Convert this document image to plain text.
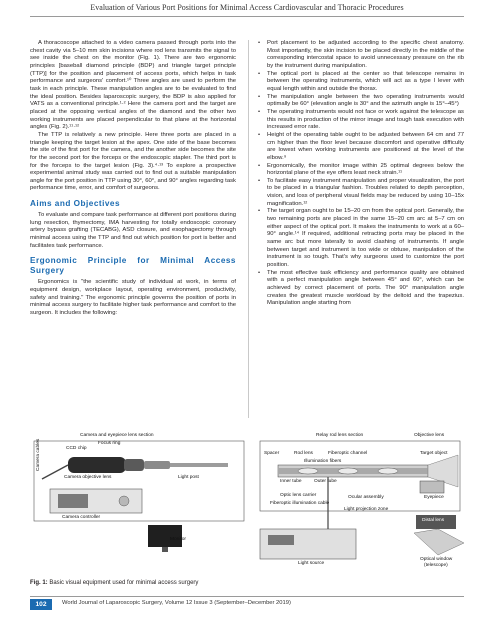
Evaluation of Various Port Positions for Minimal Access Cardiovascular and Thoracic Procedures

A thoracoscope attached to a video camera passed through ports into the chest cavity via 5–10 mm skin incisions where rod lens transmits the signal to see inside the chest on the monitor (Fig. 1). There are two ergonomic principles [baseball diamond principle (BDP) and triangle target principle (TTP)] for the position and placement of access ports, which helps in task performance and surgeons' comfort.¹⁰ Three angles are used to perform the task in each principle. These manipulation angles are to be evaluated to find the ideal position. Besides laparoscopic surgery, the BDP is also applied for VATS as a conventional principle.¹·² Here the camera port and the target are placed at the opposing vertical angles of the diamond and the other two working instruments are placed perpendicular to that plane at the horizontal angles (Fig. 2).¹¹·¹²

The TTP is relatively a new principle. Here three ports are placed in a triangle keeping the target lesion at the apex. One side of the base becomes the site of the first port for the camera, and the another side becomes the site for the second port for the forceps or the endoscopic stapler. The third port is for the forceps to the target lesion (Fig. 3).⁴·¹³ To explore a prospective experimental animal study was carried out to find out a suitable manipulation angle for the port position in TTP using 30°, 60°, and 90° angles regarding task performance time, error, and comfort of surgeons.

Aims and Objectives

To evaluate and compare task performance at different port positions during lung resection, thymectomy, IMA harvesting for totally endoscopic coronary artery bypass grafting (TECABG), ASD closure, and esophagectomy through minimal access using the TTP and find out which position for port is better and facilitates task performance.

Ergonomic Principle for Minimal Access Surgery

Ergonomics is "the scientific study of individual at work, in terms of equipment design, workplace layout, operating environment, productivity, safety and training." The ergonomic principle governs the position of ports in minimal access surgery to facilitate higher task performance and comfort to the surgeon. It includes the following:

• Port placement to be adjusted according to the specific chest anatomy. Most importantly, the skin incision to be placed directly in the middle of the corresponding intercostal space to avoid unnecessary pressure on the rib by the instrument during manipulation.
• The optical port is placed at the center so that telescope remains in between the operating instruments, which will act as a type I lever with equal length within and outside the thorax.
• The manipulation angle between the two operating instruments would optimally be 60° (elevation angle is 30° and the azimuth angle is 15°–45°)
• The operating instruments would not face or work against the telescope as this results in production of the mirror image and tough task execution with increased error rate.
• Height of the operating table ought to be adjusted between 64 cm and 77 cm higher than the floor level because discomfort and operative difficulty are lowest when working instruments are positioned at the level of the elbow.⁹
• Ergonomically, the monitor image within 25 optimal degrees below the horizontal plane of the eye offers least neck strain.¹¹
• To facilitate easy instrument manipulation and proper visualization, the port to be placed in a triangular fashion. Troubles related to depth perception, vision, and loss of peripheral visual fields may be reduced by using 10–15x magnification.¹²
• The target organ ought to be 15–20 cm from the optical port. Generally, the two remaining ports are placed in the same 15–20 cm arc at 5–7 cm on either aspect of the optical port. It makes the instruments to work at a 60–90° angle.¹⁴ If required, additional retracting ports may be placed in the same arc but more laterally to avoid clashing of instruments. If angle between target and instrument is too wide or obtuse, manipulation of the instrument is so tough. That's why surgeons used to customize the port position.
• The most effective task efficiency and performance quality are obtained with a perfect manipulation angle between 45° and 60°, which can be achieved by correct placement of ports. The 90° manipulation angle creates the greatest muscle workload by the deltoid and the trapezius. Manipulation angle starting from
Camera cables
Camera and eyepiece lens section
CCD chip
Focus ring
Camera objective lens	Light post
Camera controller
Monitor
Relay rod lens section	Objective lens
Spacer	Rod lens	Fiberoptic channel	Target object
Illumination fibers
Inner tube	Outer tube
Eyepiece
Optic lens carrier	Ocular assembly
Fiberoptic illumination cable
Light projection zone
Distal lens
Light source
Optical window
(telescope)
Fig. 1: Basic visual equipment used for minimal access surgery
102	World Journal of Laparoscopic Surgery, Volume 12 Issue 3 (September–December 2019)
